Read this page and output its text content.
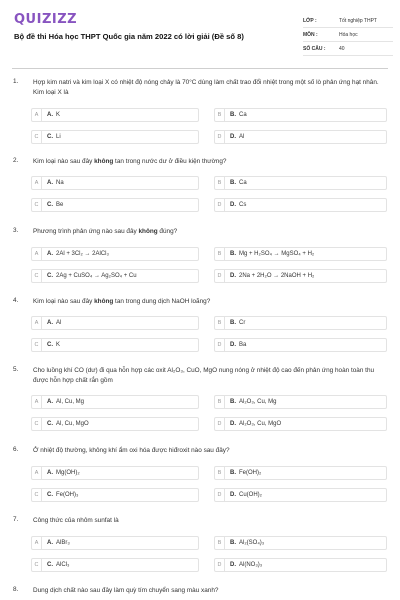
QUIZIZZ
Bộ đề thi Hóa học THPT Quốc gia năm 2022 có lời giải (Đề số 8)
LỚP :	Tốt nghiệp THPT
MÔN :	Hóa học
SỐ CÂU :	40
1. Hợp kim natri và kim loại X có nhiệt độ nóng chảy là 70°C dùng làm chất trao đổi nhiệt trong một số lò phản ứng hạt nhân. Kim loại X là
A	A. K	B	B. Ca
C	C. Li	D	D. Al
2. Kim loại nào sau đây không tan trong nước dư ở điều kiện thường?
A	A. Na	B	B. Ca
C	C. Be	D	D. Cs
3. Phương trình phản ứng nào sau đây không đúng?
A	A. 2Al + 3Cl₂ → 2AlCl₃	B	B. Mg + H₂SO₄ → MgSO₄ + H₂
C	C. 2Ag + CuSO₄ → Ag₂SO₄ + Cu	D	D. 2Na + 2H₂O → 2NaOH + H₂
4. Kim loại nào sau đây không tan trong dung dịch NaOH loãng?
A	A. Al	B	B. Cr
C	C. K	D	D. Ba
5. Cho luồng khí CO (dư) đi qua hỗn hợp các oxit Al₂O₃, CuO, MgO nung nóng ở nhiệt độ cao đến phản ứng hoàn toàn thu được hỗn hợp chất rắn gồm
A	A. Al, Cu, Mg	B	B. Al₂O₃, Cu, Mg
C	C. Al, Cu, MgO	D	D. Al₂O₃, Cu, MgO
6. Ở nhiệt độ thường, không khí ẩm oxi hóa được hiđroxit nào sau đây?
A	A. Mg(OH)₂	B	B. Fe(OH)₂
C	C. Fe(OH)₃	D	D. Cu(OH)₂
7. Công thức của nhôm sunfat là
A	A. AlBr₃	B	B. Al₂(SO₄)₃
C	C. AlCl₃	D	D. Al(NO₃)₃
8. Dung dịch chất nào sau đây làm quỳ tím chuyển sang màu xanh?
